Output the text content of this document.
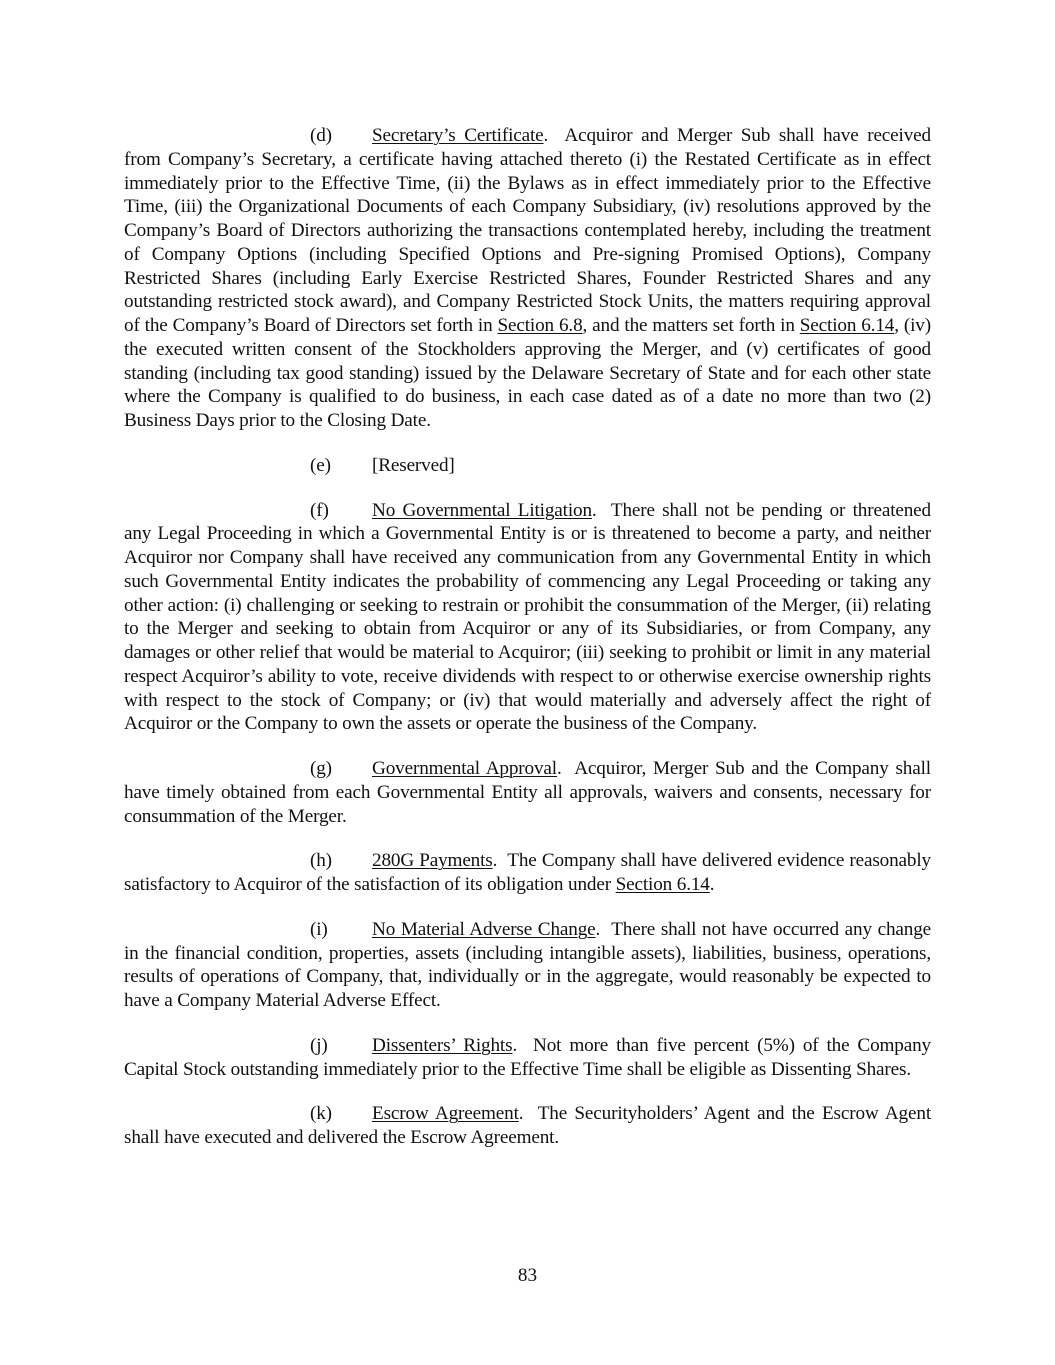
(d) Secretary’s Certificate. Acquiror and Merger Sub shall have received from Company’s Secretary, a certificate having attached thereto (i) the Restated Certificate as in effect immediately prior to the Effective Time, (ii) the Bylaws as in effect immediately prior to the Effective Time, (iii) the Organizational Documents of each Company Subsidiary, (iv) resolutions approved by the Company’s Board of Directors authorizing the transactions contemplated hereby, including the treatment of Company Options (including Specified Options and Pre-signing Promised Options), Company Restricted Shares (including Early Exercise Restricted Shares, Founder Restricted Shares and any outstanding restricted stock award), and Company Restricted Stock Units, the matters requiring approval of the Company’s Board of Directors set forth in Section 6.8, and the matters set forth in Section 6.14, (iv) the executed written consent of the Stockholders approving the Merger, and (v) certificates of good standing (including tax good standing) issued by the Delaware Secretary of State and for each other state where the Company is qualified to do business, in each case dated as of a date no more than two (2) Business Days prior to the Closing Date.

(e) [Reserved]

(f) No Governmental Litigation. There shall not be pending or threatened any Legal Proceeding in which a Governmental Entity is or is threatened to become a party, and neither Acquiror nor Company shall have received any communication from any Governmental Entity in which such Governmental Entity indicates the probability of commencing any Legal Proceeding or taking any other action: (i) challenging or seeking to restrain or prohibit the consummation of the Merger, (ii) relating to the Merger and seeking to obtain from Acquiror or any of its Subsidiaries, or from Company, any damages or other relief that would be material to Acquiror; (iii) seeking to prohibit or limit in any material respect Acquiror’s ability to vote, receive dividends with respect to or otherwise exercise ownership rights with respect to the stock of Company; or (iv) that would materially and adversely affect the right of Acquiror or the Company to own the assets or operate the business of the Company.

(g) Governmental Approval. Acquiror, Merger Sub and the Company shall have timely obtained from each Governmental Entity all approvals, waivers and consents, necessary for consummation of the Merger.

(h) 280G Payments. The Company shall have delivered evidence reasonably satisfactory to Acquiror of the satisfaction of its obligation under Section 6.14.

(i) No Material Adverse Change. There shall not have occurred any change in the financial condition, properties, assets (including intangible assets), liabilities, business, operations, results of operations of Company, that, individually or in the aggregate, would reasonably be expected to have a Company Material Adverse Effect.

(j) Dissenters’ Rights. Not more than five percent (5%) of the Company Capital Stock outstanding immediately prior to the Effective Time shall be eligible as Dissenting Shares.

(k) Escrow Agreement. The Securityholders’ Agent and the Escrow Agent shall have executed and delivered the Escrow Agreement.

83
